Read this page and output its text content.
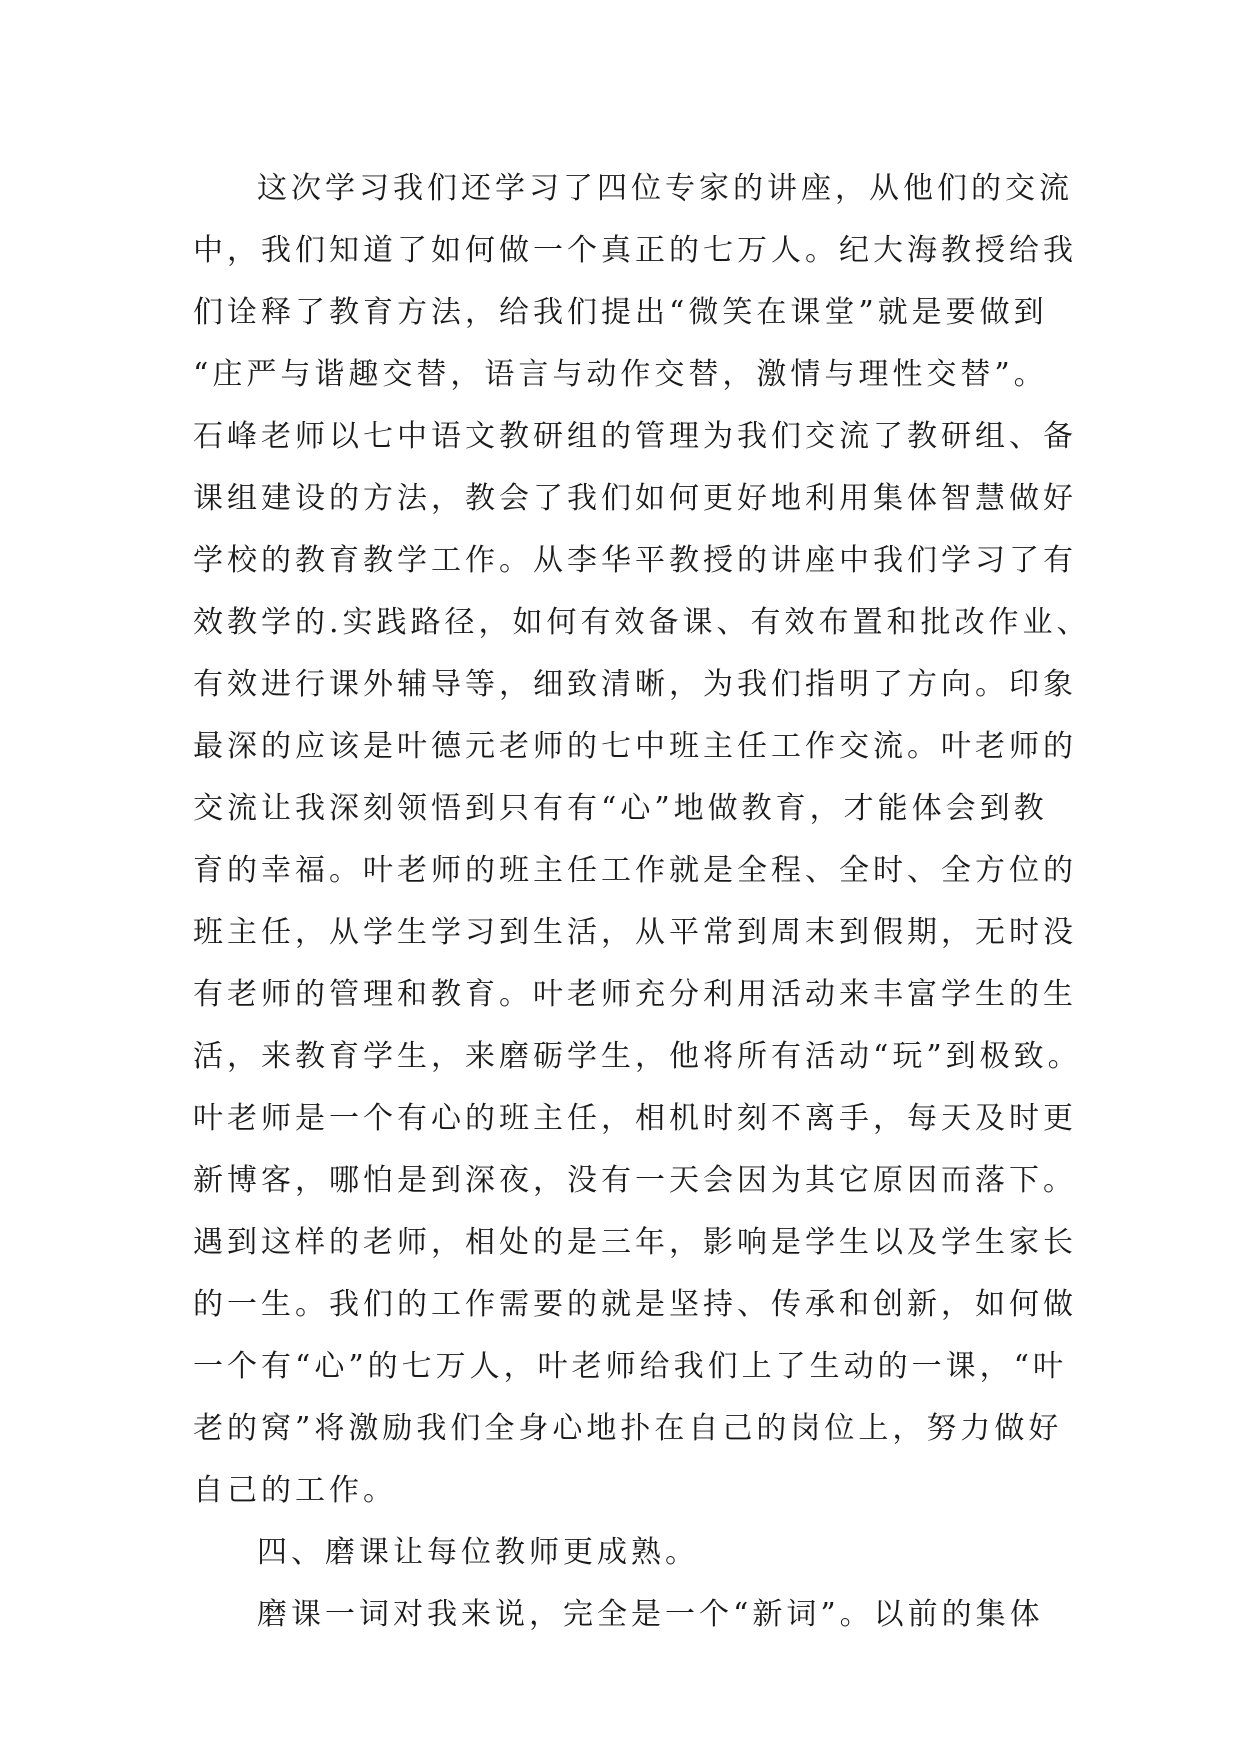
这次学习我们还学习了四位专家的讲座，从他们的交流
中，我们知道了如何做一个真正的七万人。纪大海教授给我
们诠释了教育方法，给我们提出“微笑在课堂”就是要做到
“庄严与谐趣交替，语言与动作交替，激情与理性交替”。
石峰老师以七中语文教研组的管理为我们交流了教研组、备
课组建设的方法，教会了我们如何更好地利用集体智慧做好
学校的教育教学工作。从李华平教授的讲座中我们学习了有
效教学的.实践路径，如何有效备课、有效布置和批改作业、
有效进行课外辅导等，细致清晰，为我们指明了方向。印象
最深的应该是叶德元老师的七中班主任工作交流。叶老师的
交流让我深刻领悟到只有有“心”地做教育，才能体会到教
育的幸福。叶老师的班主任工作就是全程、全时、全方位的
班主任，从学生学习到生活，从平常到周末到假期，无时没
有老师的管理和教育。叶老师充分利用活动来丰富学生的生
活，来教育学生，来磨砺学生，他将所有活动“玩”到极致。
叶老师是一个有心的班主任，相机时刻不离手，每天及时更
新博客，哪怕是到深夜，没有一天会因为其它原因而落下。
遇到这样的老师，相处的是三年，影响是学生以及学生家长
的一生。我们的工作需要的就是坚持、传承和创新，如何做
一个有“心”的七万人，叶老师给我们上了生动的一课，“叶
老的窝”将激励我们全身心地扑在自己的岗位上，努力做好
自己的工作。
四、磨课让每位教师更成熟。
磨课一词对我来说，完全是一个“新词”。以前的集体
